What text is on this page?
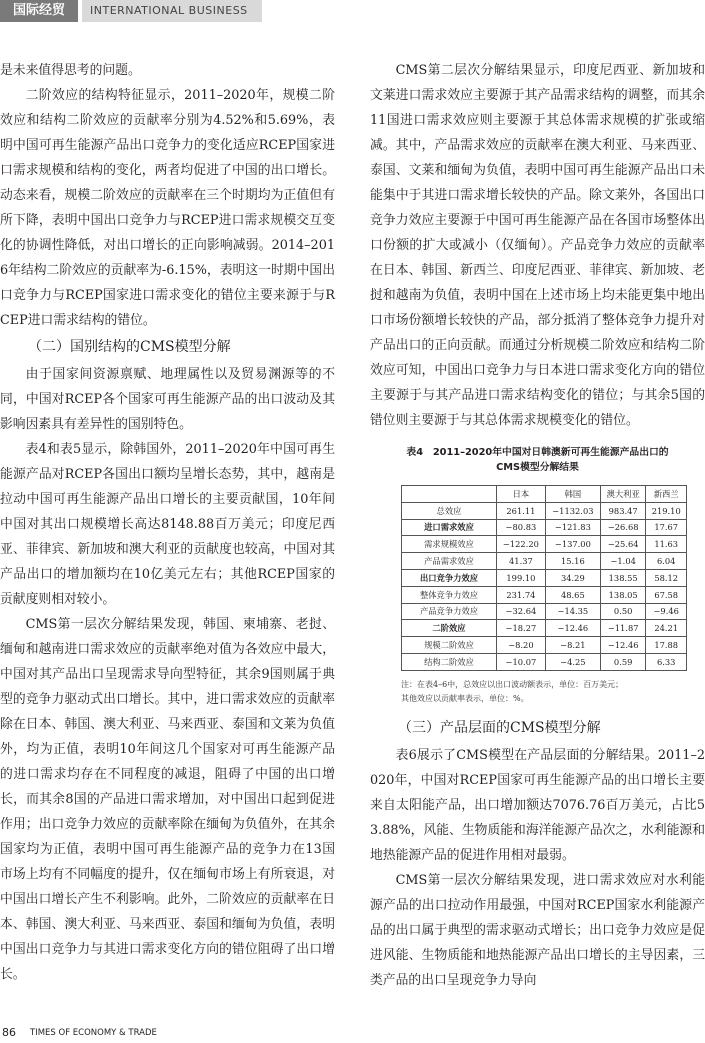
国际经贸	INTERNATIONAL BUSINESS

是未来值得思考的问题。

二阶效应的结构特征显示，2011–2020年，规模二阶效应和结构二阶效应的贡献率分别为4.52%和5.69%，表明中国可再生能源产品出口竞争力的变化适应RCEP国家进口需求规模和结构的变化，两者均促进了中国的出口增长。动态来看，规模二阶效应的贡献率在三个时期均为正值但有所下降，表明中国出口竞争力与RCEP进口需求规模交互变化的协调性降低，对出口增长的正向影响减弱。2014–2016年结构二阶效应的贡献率为-6.15%，表明这一时期中国出口竞争力与RCEP国家进口需求变化的错位主要来源于与RCEP进口需求结构的错位。

（二）国别结构的CMS模型分解

由于国家间资源禀赋、地理属性以及贸易渊源等的不同，中国对RCEP各个国家可再生能源产品的出口波动及其影响因素具有差异性的国别特色。

表4和表5显示，除韩国外，2011–2020年中国可再生能源产品对RCEP各国出口额均呈增长态势，其中，越南是拉动中国可再生能源产品出口增长的主要贡献国，10年间中国对其出口规模增长高达8148.88百万美元；印度尼西亚、菲律宾、新加坡和澳大利亚的贡献度也较高，中国对其产品出口的增加额均在10亿美元左右；其他RCEP国家的贡献度则相对较小。

CMS第一层次分解结果发现，韩国、柬埔寨、老挝、缅甸和越南进口需求效应的贡献率绝对值为各效应中最大，中国对其产品出口呈现需求导向型特征，其余9国则属于典型的竞争力驱动式出口增长。其中，进口需求效应的贡献率除在日本、韩国、澳大利亚、马来西亚、泰国和文莱为负值外，均为正值，表明10年间这几个国家对可再生能源产品的进口需求均存在不同程度的减退，阻碍了中国的出口增长，而其余8国的产品进口需求增加，对中国出口起到促进作用；出口竞争力效应的贡献率除在缅甸为负值外，在其余国家均为正值，表明中国可再生能源产品的竞争力在13国市场上均有不同幅度的提升，仅在缅甸市场上有所衰退，对中国出口增长产生不利影响。此外，二阶效应的贡献率在日本、韩国、澳大利亚、马来西亚、泰国和缅甸为负值，表明中国出口竞争力与其进口需求变化方向的错位阻碍了出口增长。

CMS第二层次分解结果显示，印度尼西亚、新加坡和文莱进口需求效应主要源于其产品需求结构的调整，而其余11国进口需求效应则主要源于其总体需求规模的扩张或缩减。其中，产品需求效应的贡献率在澳大利亚、马来西亚、泰国、文莱和缅甸为负值，表明中国可再生能源产品出口未能集中于其进口需求增长较快的产品。除文莱外，各国出口竞争力效应主要源于中国可再生能源产品在各国市场整体出口份额的扩大或减小（仅缅甸）。产品竞争力效应的贡献率在日本、韩国、新西兰、印度尼西亚、菲律宾、新加坡、老挝和越南为负值，表明中国在上述市场上均未能更集中地出口市场份额增长较快的产品，部分抵消了整体竞争力提升对产品出口的正向贡献。而通过分析规模二阶效应和结构二阶效应可知，中国出口竞争力与日本进口需求变化方向的错位主要源于与其产品进口需求结构变化的错位；与其余5国的错位则主要源于与其总体需求规模变化的错位。

表4　2011–2020年中国对日韩澳新可再生能源产品出口的
CMS模型分解结果
	日本	韩国	澳大利亚	新西兰
总效应	261.11	−1132.03	983.47	219.10
进口需求效应	−80.83	−121.83	−26.68	17.67
需求规模效应	−122.20	−137.00	−25.64	11.63
产品需求效应	41.37	15.16	−1.04	6.04
出口竞争力效应	199.10	34.29	138.55	58.12
整体竞争力效应	231.74	48.65	138.05	67.58
产品竞争力效应	−32.64	−14.35	0.50	−9.46
二阶效应	−18.27	−12.46	−11.87	24.21
规模二阶效应	−8.20	−8.21	−12.46	17.88
结构二阶效应	−10.07	−4.25	0.59	6.33
注：在表4–6中，总效应以出口波动额表示，单位：百万美元；
其他效应以贡献率表示，单位：%。
（三）产品层面的CMS模型分解

表6展示了CMS模型在产品层面的分解结果。2011–2020年，中国对RCEP国家可再生能源产品的出口增长主要来自太阳能产品，出口增加额达7076.76百万美元，占比53.88%，风能、生物质能和海洋能源产品次之，水利能源和地热能源产品的促进作用相对最弱。

CMS第一层次分解结果发现，进口需求效应对水利能源产品的出口拉动作用最强，中国对RCEP国家水利能源产品的出口属于典型的需求驱动式增长；出口竞争力效应是促进风能、生物质能和地热能源产品出口增长的主导因素，三类产品的出口呈现竞争力导向

86 TIMES OF ECONOMY & TRADE
